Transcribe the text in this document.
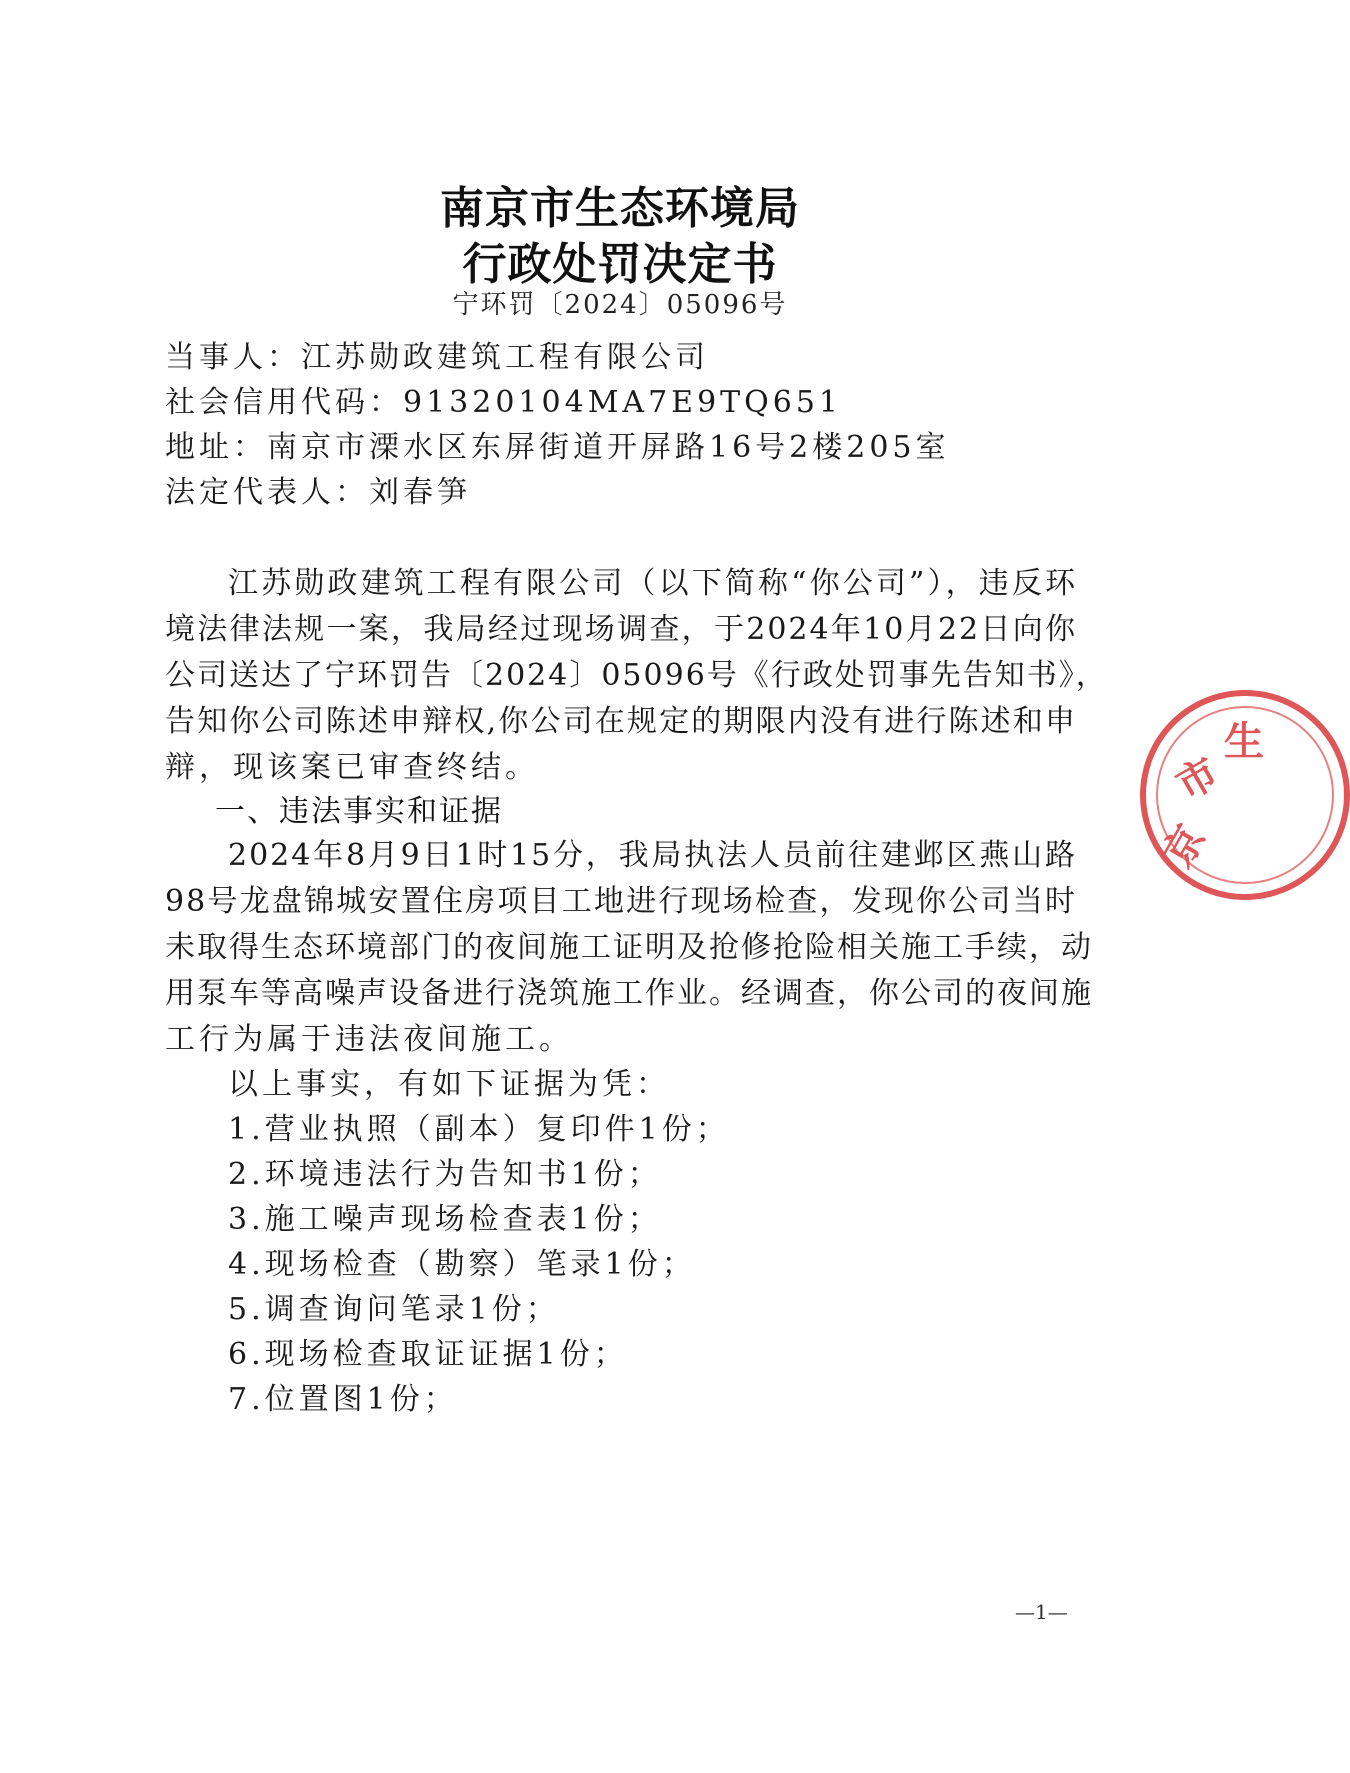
南京市生态环境局
行政处罚决定书
宁环罚〔2024〕05096号
当事人：江苏勋政建筑工程有限公司
社会信用代码：91320104MA7E9TQ651
地址：南京市溧水区东屏街道开屏路16号2楼205室
法定代表人：刘春笋
江苏勋政建筑工程有限公司（以下简称“你公司”），违反环
境法律法规一案，我局经过现场调查，于2024年10月22日向你
公司送达了宁环罚告〔2024〕05096号《行政处罚事先告知书》，
告知你公司陈述申辩权,你公司在规定的期限内没有进行陈述和申
辩，现该案已审查终结。
一、违法事实和证据
2024年8月9日1时15分，我局执法人员前往建邺区燕山路
98号龙盘锦城安置住房项目工地进行现场检查，发现你公司当时
未取得生态环境部门的夜间施工证明及抢修抢险相关施工手续，动
用泵车等高噪声设备进行浇筑施工作业。经调查，你公司的夜间施
工行为属于违法夜间施工。
以上事实，有如下证据为凭：
1.营业执照（副本）复印件1份；
2.环境违法行为告知书1份；
3.施工噪声现场检查表1份；
4.现场检查（勘察）笔录1份；
5.调查询问笔录1份；
6.现场检查取证证据1份；
7.位置图1份；
—1—
京
市
生
